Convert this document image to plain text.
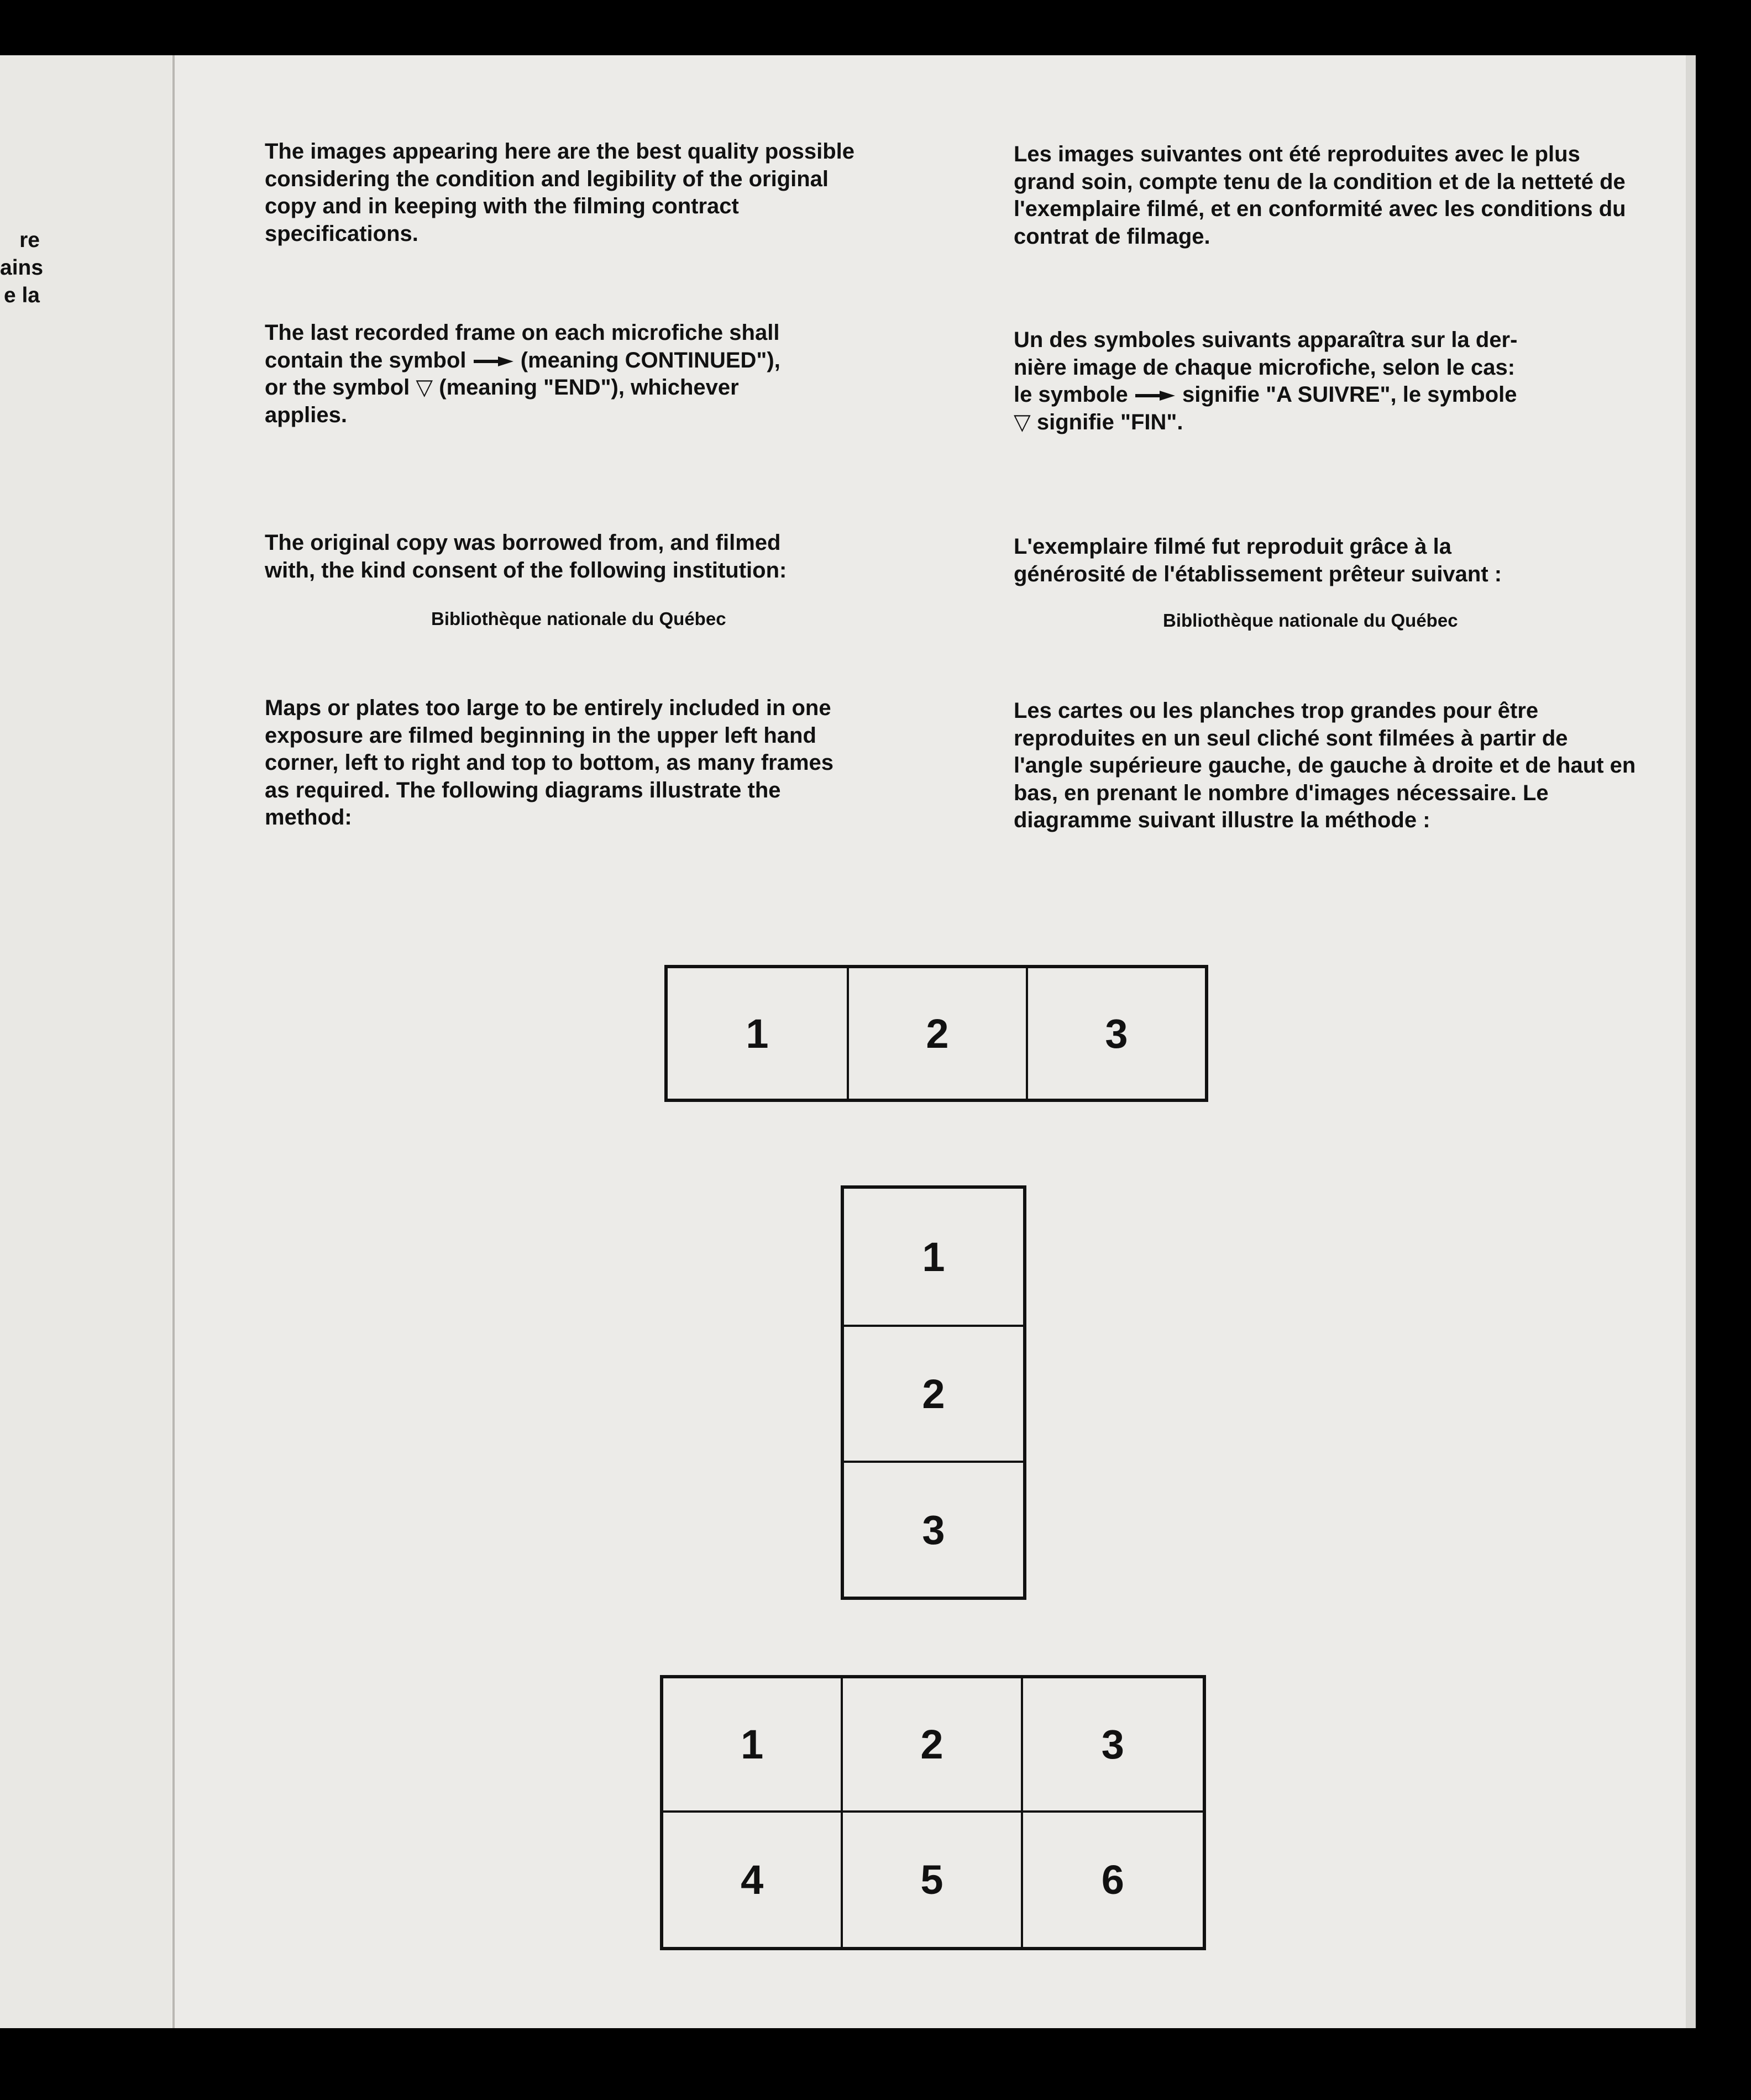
re
ains
e la

The images appearing here are the best quality possible considering the condition and legibility of the original copy and in keeping with the filming contract specifications.

The last recorded frame on each microfiche shall
contain the symbol (meaning CONTINUED"),
or the symbol ▽ (meaning "END"), whichever
applies.

The original copy was borrowed from, and filmed with, the kind consent of the following institution:

Bibliothèque nationale du Québec

Maps or plates too large to be entirely included in one exposure are filmed beginning in the upper left hand corner, left to right and top to bottom, as many frames as required. The following diagrams illustrate the method:

Les images suivantes ont été reproduites avec le plus grand soin, compte tenu de la condition et de la netteté de l'exemplaire filmé, et en conformité avec les conditions du contrat de filmage.

Un des symboles suivants apparaîtra sur la der-
nière image de chaque microfiche, selon le cas:
le symbole signifie "A SUIVRE", le symbole
▽ signifie "FIN".

L'exemplaire filmé fut reproduit grâce à la générosité de l'établissement prêteur suivant :

Bibliothèque nationale du Québec

Les cartes ou les planches trop grandes pour être reproduites en un seul cliché sont filmées à partir de l'angle supérieure gauche, de gauche à droite et de haut en bas, en prenant le nombre d'images nécessaire. Le diagramme suivant illustre la méthode :

1	2	3
1
2
3
1	2	3
4	5	6
